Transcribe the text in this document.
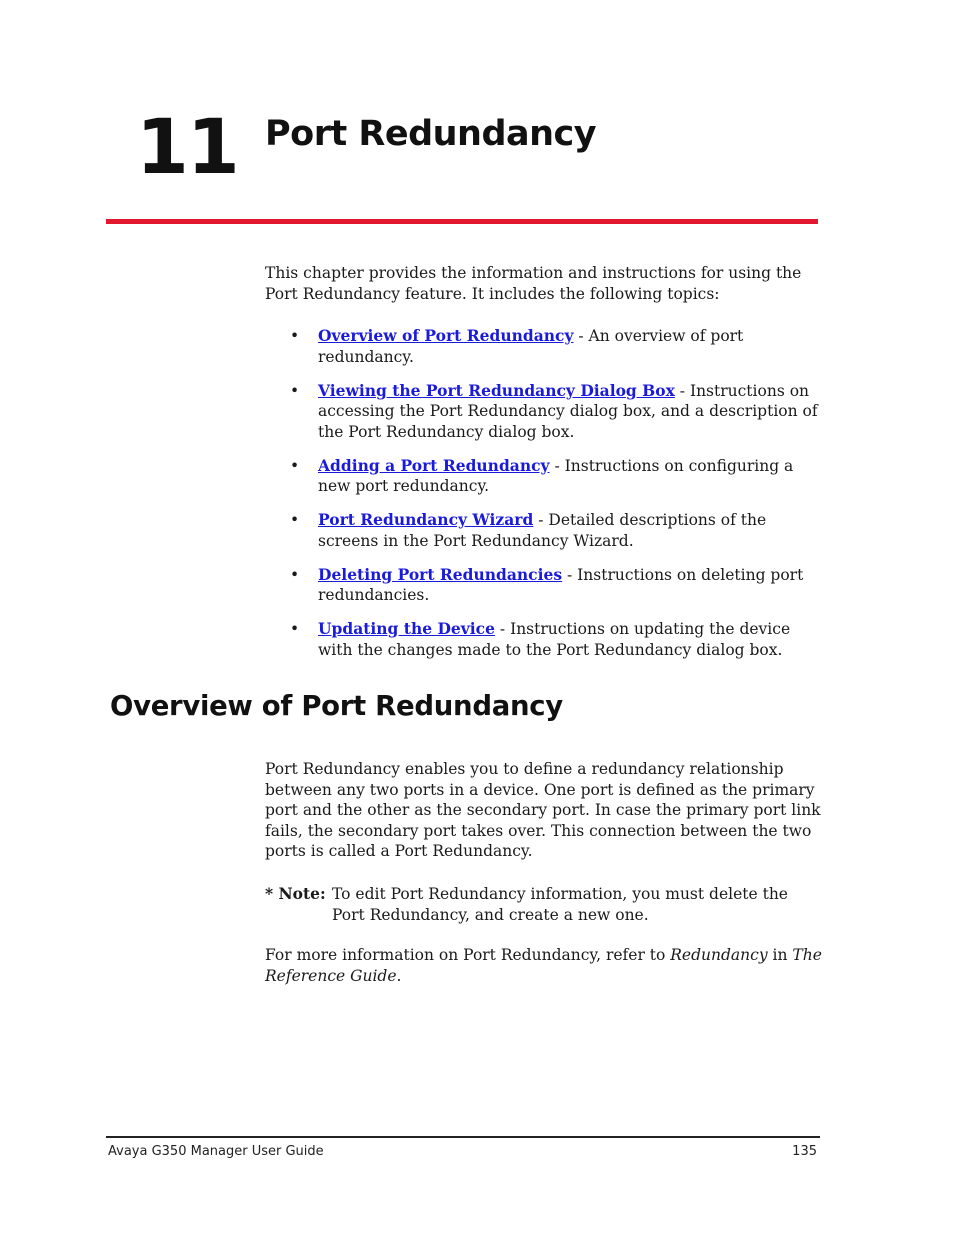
11 Port Redundancy
This chapter provides the information and instructions for using the Port Redundancy feature. It includes the following topics:
• Overview of Port Redundancy - An overview of port redundancy.
• Viewing the Port Redundancy Dialog Box - Instructions on accessing the Port Redundancy dialog box, and a description of the Port Redundancy dialog box.
• Adding a Port Redundancy - Instructions on configuring a new port redundancy.
• Port Redundancy Wizard - Detailed descriptions of the screens in the Port Redundancy Wizard.
• Deleting Port Redundancies - Instructions on deleting port redundancies.
• Updating the Device - Instructions on updating the device with the changes made to the Port Redundancy dialog box.
Overview of Port Redundancy
Port Redundancy enables you to define a redundancy relationship between any two ports in a device. One port is defined as the primary port and the other as the secondary port. In case the primary port link fails, the secondary port takes over. This connection between the two ports is called a Port Redundancy.
* Note: To edit Port Redundancy information, you must delete the
Port Redundancy, and create a new one.
For more information on Port Redundancy, refer to Redundancy in The Reference Guide.
Avaya G350 Manager User Guide	135
